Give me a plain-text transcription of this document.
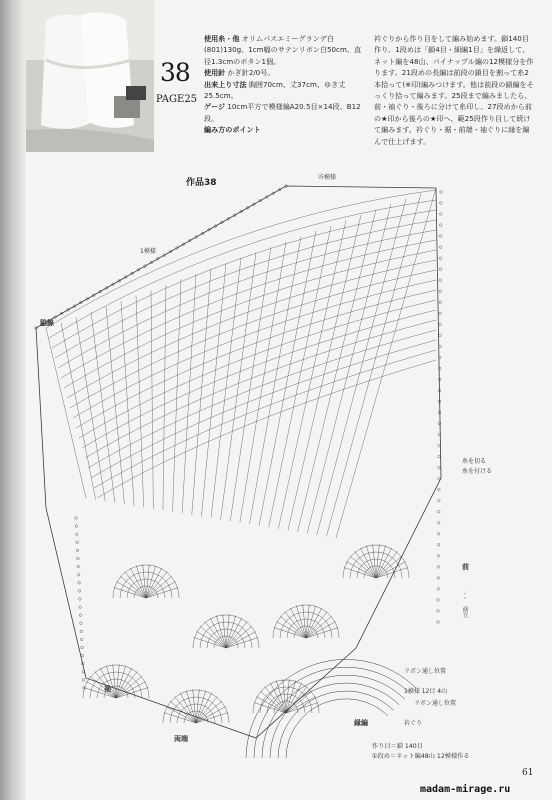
38
PAGE25

使用糸・他 オリムパスエミーグランデ白(801)130g、1cm幅のサテンリボン白50cm、直径1.3cmのボタン1個。

使用針 かぎ針2/0号。

出来上り寸法 胸囲70cm、丈37cm、ゆき丈25.5cm。

ゲージ 10cm平方で模様編A20.5目×14段、B12段。

編み方のポイント

衿ぐりから作り目をして編み始めます。鎖140目作り、1段めは「鎖4目・細編1目」を繰返して、ネット編を48山、パイナップル編の12模様分を作ります。21段めの長編は前段の鎖目を割って糸2本拾って(※印)編みつけます。他は前段の鎖編をそっくり拾って編みます。25段まで編みましたら、前・袖ぐり・後ろに分けて糸印し、27段めから前の★印から後ろの★印へ、範25段作り目して続けて編みます。衿ぐり・裾・前端・袖ぐりに縁を編んで仕上げます。

作品38
㉕模様
1模様
脇線
袖
両端
糸を切る
糸を付ける
前
リボン通し位置
1模様 12目 4山
リボン通し位置
縁編	衿ぐり
前立
作り目＝鎖 140目
①段め＝ネット編48山 12模様作る
61
madam-mirage.ru
